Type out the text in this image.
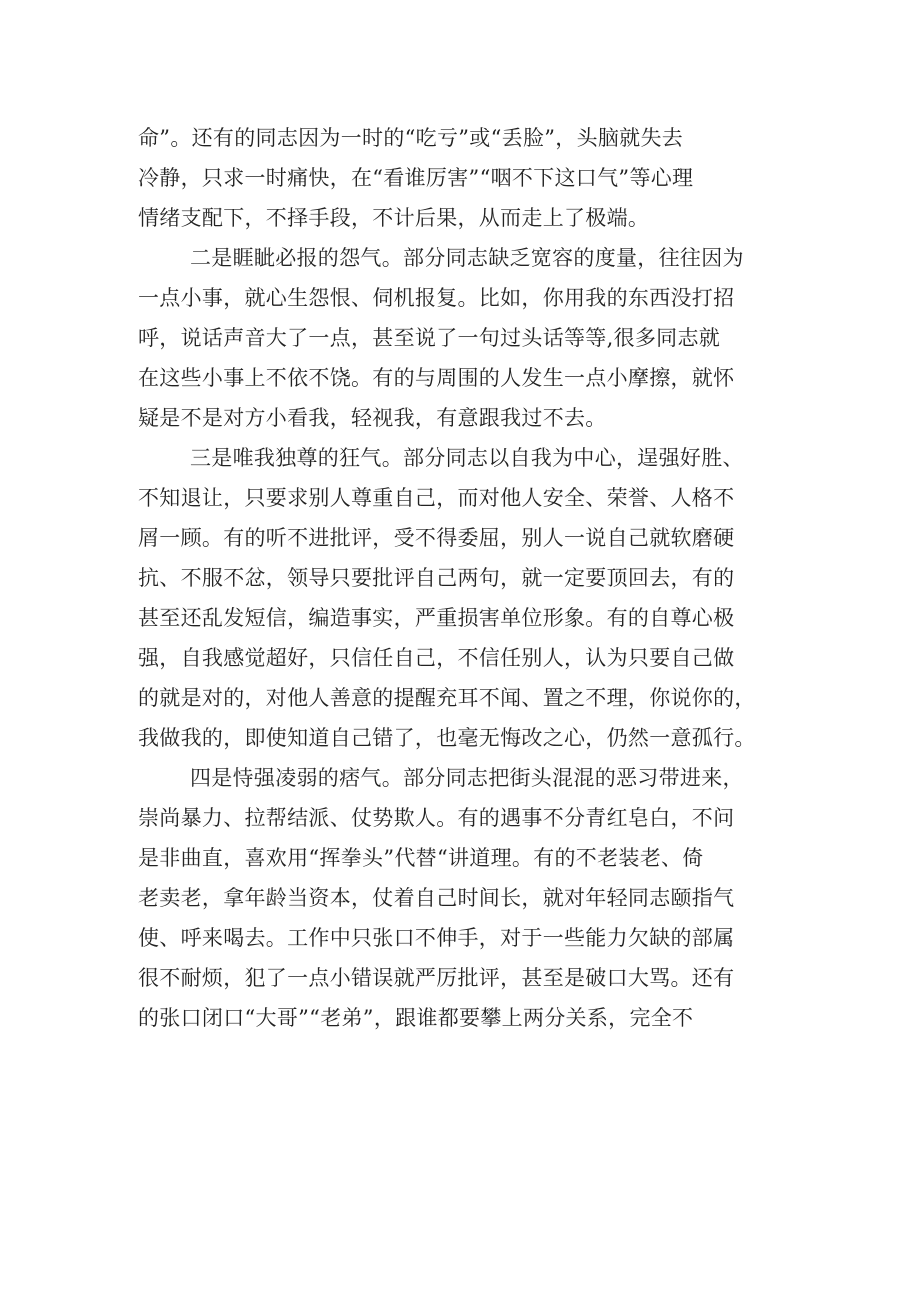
命”。还有的同志因为一时的“吃亏”或“丢脸”，头脑就失去
冷静，只求一时痛快，在“看谁厉害”“咽不下这口气”等心理
情绪支配下，不择手段，不计后果，从而走上了极端。
二是睚眦必报的怨气。部分同志缺乏宽容的度量，往往因为
一点小事，就心生怨恨、伺机报复。比如，你用我的东西没打招
呼，说话声音大了一点，甚至说了一句过头话等等,很多同志就
在这些小事上不依不饶。有的与周围的人发生一点小摩擦，就怀
疑是不是对方小看我，轻视我，有意跟我过不去。
三是唯我独尊的狂气。部分同志以自我为中心，逞强好胜、
不知退让，只要求别人尊重自己，而对他人安全、荣誉、人格不
屑一顾。有的听不进批评，受不得委屈，别人一说自己就软磨硬
抗、不服不忿，领导只要批评自己两句，就一定要顶回去，有的
甚至还乱发短信，编造事实，严重损害单位形象。有的自尊心极
强，自我感觉超好，只信任自己，不信任别人，认为只要自己做
的就是对的，对他人善意的提醒充耳不闻、置之不理，你说你的，
我做我的，即使知道自己错了，也毫无悔改之心，仍然一意孤行。
四是恃强凌弱的痞气。部分同志把街头混混的恶习带进来，
崇尚暴力、拉帮结派、仗势欺人。有的遇事不分青红皂白，不问
是非曲直，喜欢用“挥拳头”代替“讲道理。有的不老装老、倚
老卖老，拿年龄当资本，仗着自己时间长，就对年轻同志颐指气
使、呼来喝去。工作中只张口不伸手，对于一些能力欠缺的部属
很不耐烦，犯了一点小错误就严厉批评，甚至是破口大骂。还有
的张口闭口“大哥”“老弟”，跟谁都要攀上两分关系，完全不
